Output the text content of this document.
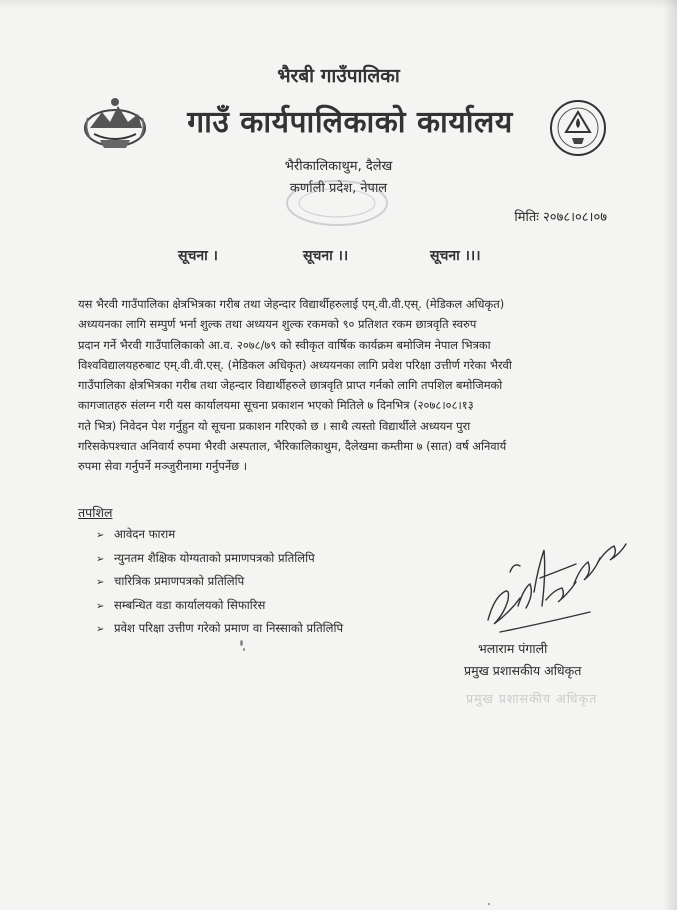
भैरबी गाउँपालिका
गाउँ कार्यपालिकाको कार्यालय
भैरीकालिकाथुम, दैलेख
कर्णाली प्रदेश, नेपाल
मितिः २०७८।०८।०७
सूचना ।	सूचना ।।	सूचना ।।।
यस भैरवी गाउँपालिका क्षेत्रभित्रका गरीब तथा जेहन्दार विद्यार्थीहरुलाई एम्.वी.वी.एस्. (मेडिकल अधिकृत)
अध्ययनका लागि सम्पुर्ण भर्ना शुल्क तथा अध्ययन शुल्क रकमको ९० प्रतिशत रकम छात्रवृति स्वरुप
प्रदान गर्ने भैरवी गाउँपालिकाको आ.व. २०७८/७९ को स्वीकृत वार्षिक कार्यक्रम बमोजिम नेपाल भित्रका
विश्वविद्यालयहरुबाट एम्.वी.वी.एस्. (मेडिकल अधिकृत) अध्ययनका लागि प्रवेश परिक्षा उत्तीर्ण गरेका भैरवी
गाउँपालिका क्षेत्रभित्रका गरीब तथा जेहन्दार विद्यार्थीहरुले छात्रवृति प्राप्त गर्नको लागि तपशिल बमोजिमको
कागजातहरु संलग्न गरी यस कार्यालयमा सूचना प्रकाशन भएको मितिले ७ दिनभित्र (२०७८।०८।१३
गते भित्र) निवेदन पेश गर्नुहुन यो सूचना प्रकाशन गरिएको छ । साथै त्यस्तो विद्यार्थीले अध्ययन पुरा
गरिसकेपश्चात अनिवार्य रुपमा भैरवी अस्पताल, भैरिकालिकाथुम, दैलेखमा कम्तीमा ७ (सात) वर्ष अनिवार्य
रुपमा सेवा गर्नुपर्ने मञ्जुरीनामा गर्नुपर्नेछ ।
तपशिल
➢ आवेदन फाराम
➢ न्युनतम शैक्षिक योग्यताको प्रमाणपत्रको प्रतिलिपि
➢ चारित्रिक प्रमाणपत्रको प्रतिलिपि
➢ सम्बन्धित वडा कार्यालयको सिफारिस
➢ प्रवेश परिक्षा उत्तीण गरेको प्रमाण वा निस्साको प्रतिलिपि
भलाराम पंगाली
प्रमुख प्रशासकीय अधिकृत
प्रमुख प्रशासकीय अधिकृत
